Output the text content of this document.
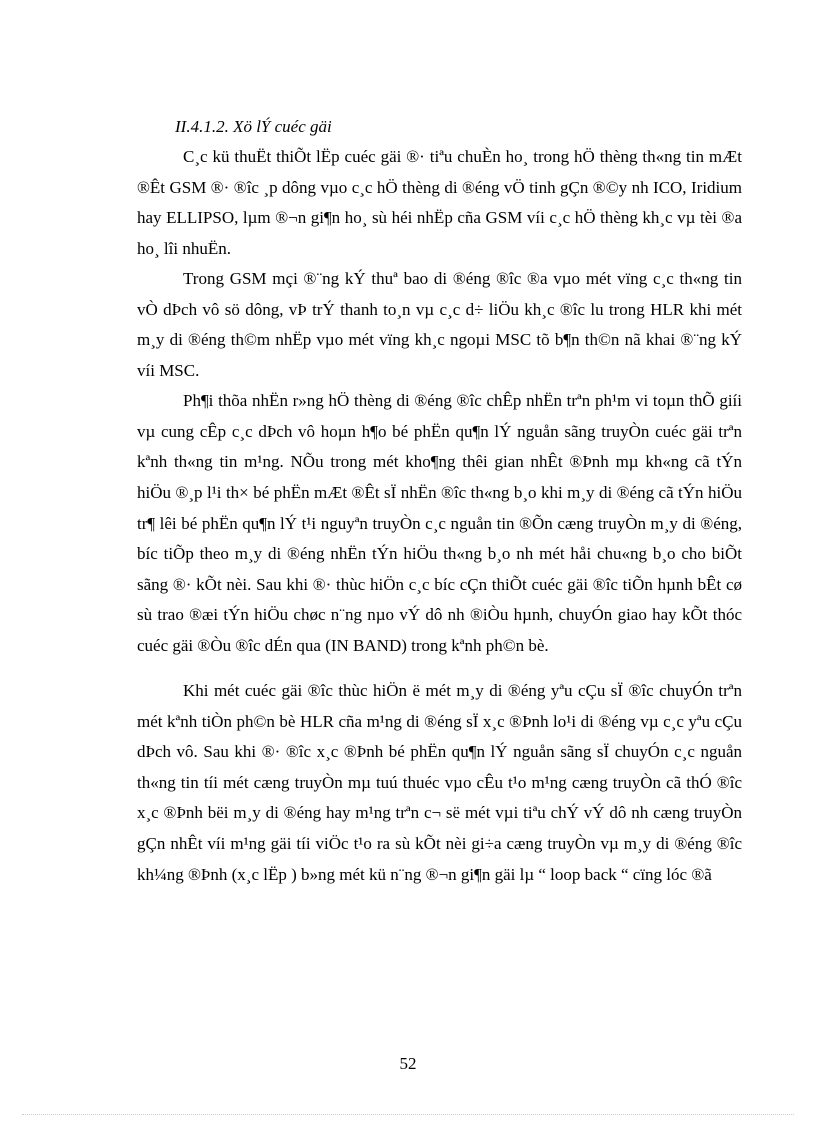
II.4.1.2. Xö lÝ cuéc gäi

C¸c kü thuËt thiÕt lËp cuéc gäi ®· tiªu chuÈn ho¸ trong hÖ thèng th«ng tin mÆt ®Êt GSM ®· ®îc ¸p dông vµo c¸c hÖ thèng di ®éng vÖ tinh gÇn ®©y nh ICO, Iridium hay ELLIPSO, lµm ®¬n gi¶n ho¸ sù héi nhËp cña GSM víi c¸c hÖ thèng kh¸c vµ tèi ®a ho¸ lîi nhuËn.

Trong GSM mçi ®¨ng kÝ thuª bao di ®éng ®îc ®a vµo mét vïng c¸c th«ng tin vÒ dÞch vô sö dông, vÞ trÝ thanh to¸n vµ c¸c d÷ liÖu kh¸c ®îc lu trong HLR khi mét m¸y di ®éng th©m nhËp vµo mét vïng kh¸c ngoµi MSC tõ b¶n th©n nã khai ®¨ng kÝ víi MSC.

Ph¶i thõa nhËn r»ng hÖ thèng di ®éng ®îc chÊp nhËn trªn ph¹m vi toµn thÕ giíi vµ cung cÊp c¸c dÞch vô hoµn h¶o bé phËn qu¶n lÝ nguån sãng truyÒn cuéc gäi trªn kªnh th«ng tin m¹ng. NÕu trong mét kho¶ng thêi gian nhÊt ®Þnh mµ kh«ng cã tÝn hiÖu ®¸p l¹i th× bé phËn mÆt ®Êt sÏ nhËn ®îc th«ng b¸o khi m¸y di ®éng cã tÝn hiÖu tr¶ lêi bé phËn qu¶n lÝ t¹i nguyªn truyÒn c¸c nguån tin ®Õn cæng truyÒn m¸y di ®éng, bíc tiÕp theo m¸y di ®éng nhËn tÝn hiÖu th«ng b¸o nh mét håi chu«ng b¸o cho biÕt sãng ®· kÕt nèi. Sau khi ®· thùc hiÖn c¸c bíc cÇn thiÕt cuéc gäi ®îc tiÕn hµnh bÊt cø sù trao ®æi tÝn hiÖu chøc n¨ng nµo vÝ dô nh ®iÒu hµnh, chuyÓn giao hay kÕt thóc cuéc gäi ®Òu ®îc dÉn qua (IN BAND) trong kªnh ph©n bè.

Khi mét cuéc gäi ®îc thùc hiÖn ë mét m¸y di ®éng yªu cÇu sÏ ®îc chuyÓn trªn mét kªnh tiÒn ph©n bè HLR cña m¹ng di ®éng sÏ x¸c ®Þnh lo¹i di ®éng vµ c¸c yªu cÇu dÞch vô. Sau khi ®· ®îc x¸c ®Þnh bé phËn qu¶n lÝ nguån sãng sÏ chuyÓn c¸c nguån th«ng tin tíi mét cæng truyÒn mµ tuú thuéc vµo cÊu t¹o m¹ng cæng truyÒn cã thÓ ®îc x¸c ®Þnh bëi m¸y di ®éng hay m¹ng trªn c¬ së mét vµi tiªu chÝ vÝ dô nh cæng truyÒn gÇn nhÊt víi m¹ng gäi tíi viÖc t¹o ra sù kÕt nèi gi÷a cæng truyÒn vµ m¸y di ®éng ®îc kh¼ng ®Þnh (x¸c lËp ) b»ng mét kü n¨ng ®¬n gi¶n gäi lµ “ loop back “ cïng lóc ®ã

52
